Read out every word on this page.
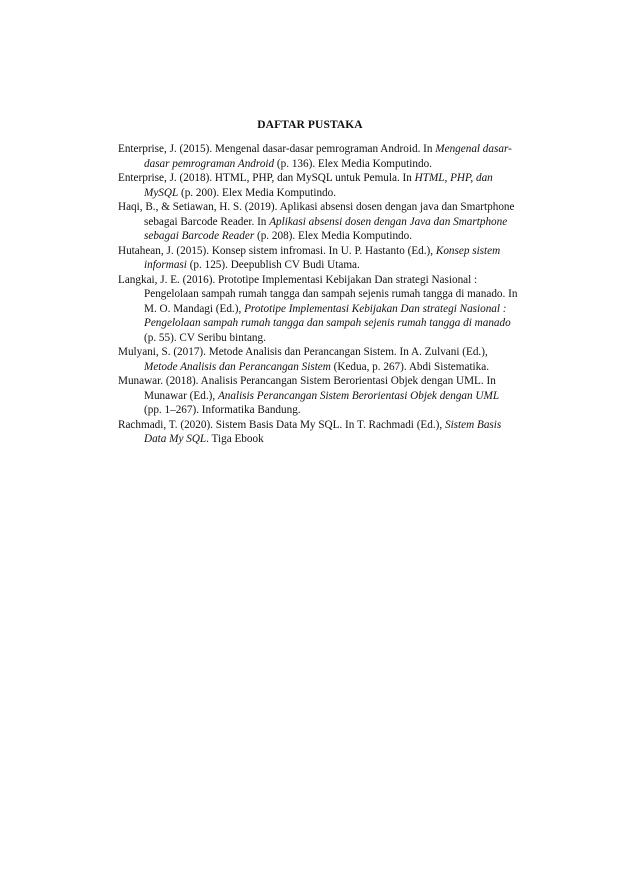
DAFTAR PUSTAKA
Enterprise, J. (2015). Mengenal dasar-dasar pemrograman Android. In Mengenal dasar-dasar pemrograman Android (p. 136). Elex Media Komputindo.
Enterprise, J. (2018). HTML, PHP, dan MySQL untuk Pemula. In HTML, PHP, dan MySQL (p. 200). Elex Media Komputindo.
Haqi, B., & Setiawan, H. S. (2019). Aplikasi absensi dosen dengan java dan Smartphone sebagai Barcode Reader. In Aplikasi absensi dosen dengan Java dan Smartphone sebagai Barcode Reader (p. 208). Elex Media Komputindo.
Hutahean, J. (2015). Konsep sistem infromasi. In U. P. Hastanto (Ed.), Konsep sistem informasi (p. 125). Deepublish CV Budi Utama.
Langkai, J. E. (2016). Prototipe Implementasi Kebijakan Dan strategi Nasional : Pengelolaan sampah rumah tangga dan sampah sejenis rumah tangga di manado. In M. O. Mandagi (Ed.), Prototipe Implementasi Kebijakan Dan strategi Nasional : Pengelolaan sampah rumah tangga dan sampah sejenis rumah tangga di manado (p. 55). CV Seribu bintang.
Mulyani, S. (2017). Metode Analisis dan Perancangan Sistem. In A. Zulvani (Ed.), Metode Analisis dan Perancangan Sistem (Kedua, p. 267). Abdi Sistematika.
Munawar. (2018). Analisis Perancangan Sistem Berorientasi Objek dengan UML. In Munawar (Ed.), Analisis Perancangan Sistem Berorientasi Objek dengan UML (pp. 1–267). Informatika Bandung.
Rachmadi, T. (2020). Sistem Basis Data My SQL. In T. Rachmadi (Ed.), Sistem Basis Data My SQL. Tiga Ebook
